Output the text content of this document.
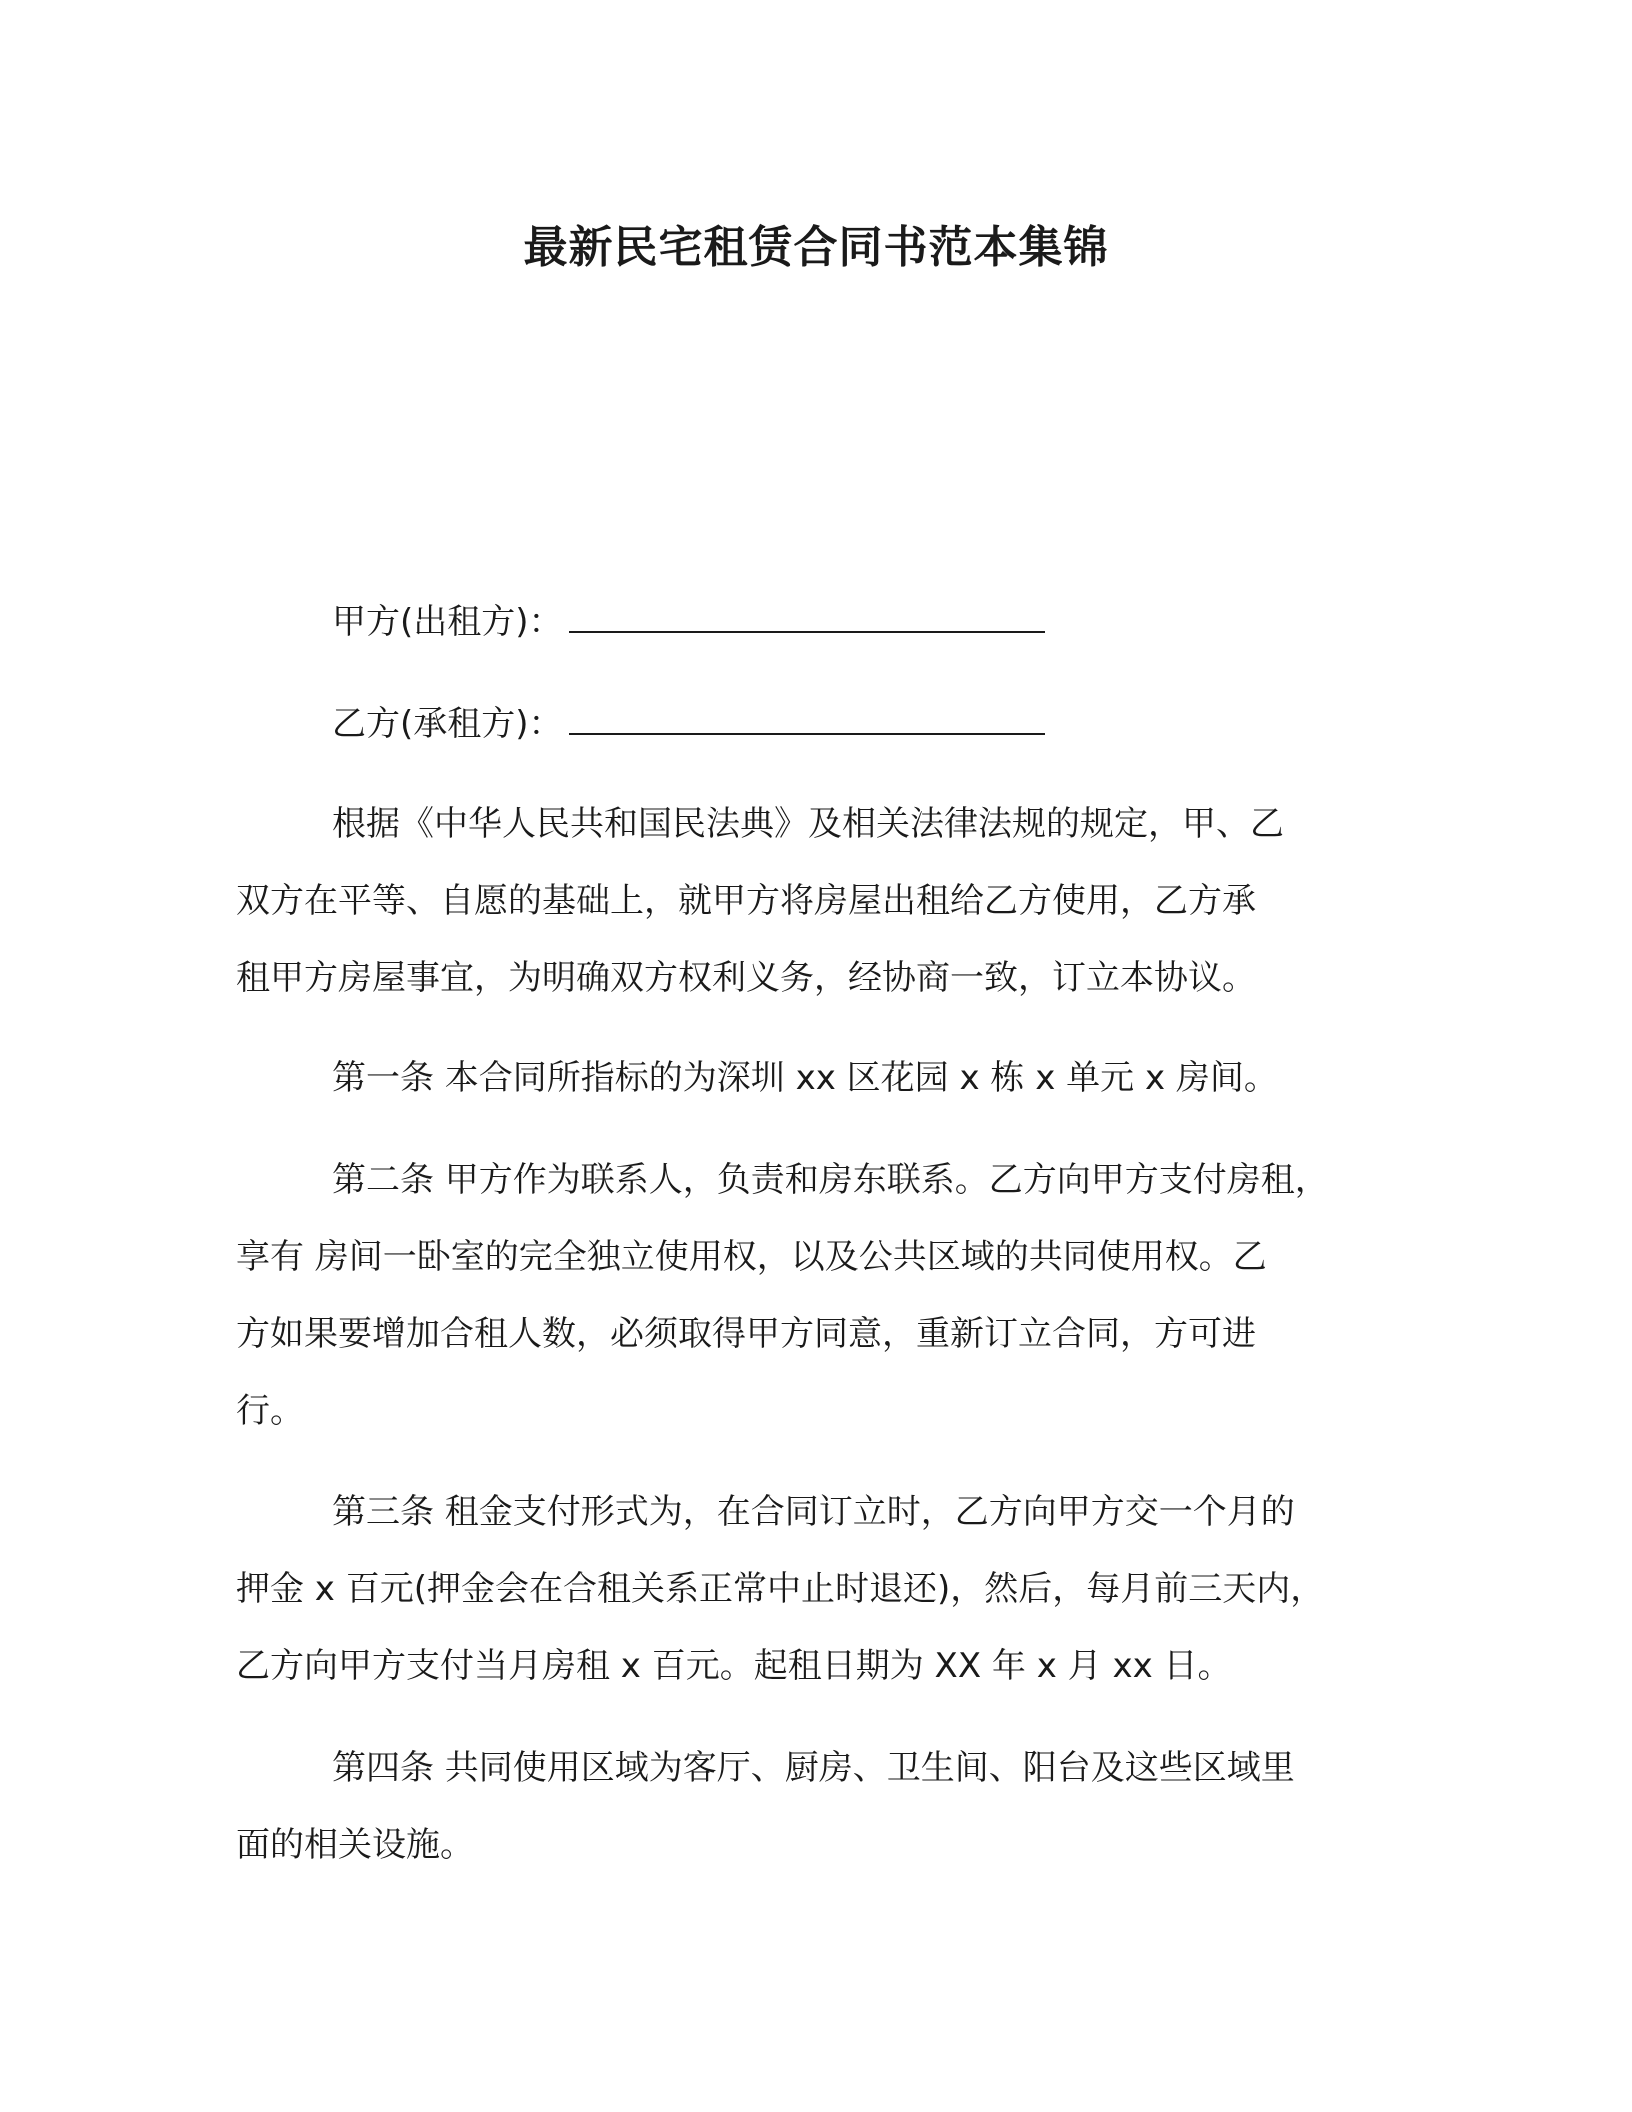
最新民宅租赁合同书范本集锦
甲方(出租方)：
乙方(承租方)：
根据《中华人民共和国民法典》及相关法律法规的规定，甲、乙
双方在平等、自愿的基础上，就甲方将房屋出租给乙方使用，乙方承
租甲方房屋事宜，为明确双方权利义务，经协商一致，订立本协议。
第一条 本合同所指标的为深圳 xx 区花园 x 栋 x 单元 x 房间。
第二条 甲方作为联系人，负责和房东联系。乙方向甲方支付房租，
享有 房间一卧室的完全独立使用权，以及公共区域的共同使用权。乙
方如果要增加合租人数，必须取得甲方同意，重新订立合同，方可进
行。
第三条 租金支付形式为，在合同订立时，乙方向甲方交一个月的
押金 x 百元(押金会在合租关系正常中止时退还)，然后，每月前三天内，
乙方向甲方支付当月房租 x 百元。起租日期为 XX 年 x 月 xx 日。
第四条 共同使用区域为客厅、厨房、卫生间、阳台及这些区域里
面的相关设施。
